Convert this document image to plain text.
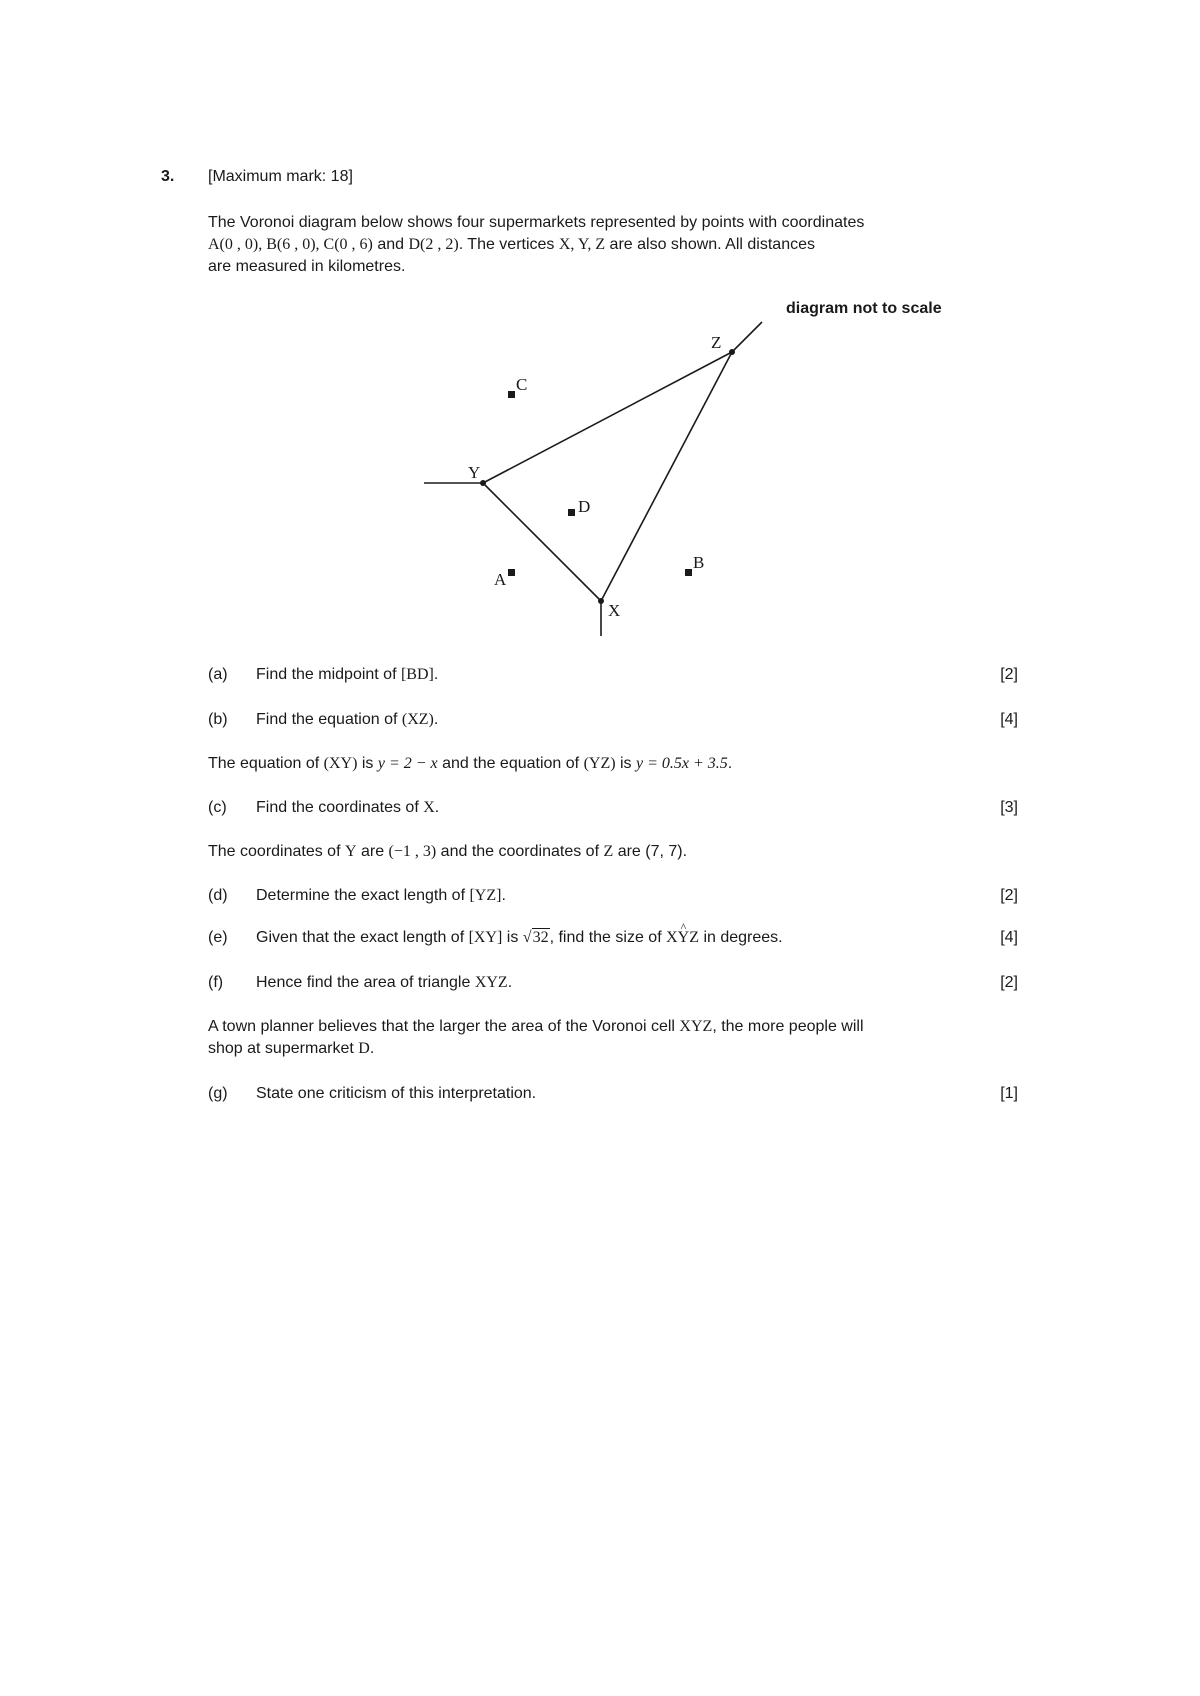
3. [Maximum mark: 18]
The Voronoi diagram below shows four supermarkets represented by points with coordinates
A(0 , 0), B(6 , 0), C(0 , 6) and D(2 , 2). The vertices X, Y, Z are also shown. All distances
are measured in kilometres.
diagram not to scale
A
B
C
D
X
Y
Z
(a)	Find the midpoint of [BD].	[2]
(b)	Find the equation of (XZ).	[4]
The equation of (XY) is y = 2 − x and the equation of (YZ) is y = 0.5x + 3.5.
(c)	Find the coordinates of X.	[3]
The coordinates of Y are (−1 , 3) and the coordinates of Z are (7, 7).
(d)	Determine the exact length of [YZ].	[2]
(e)	Given that the exact length of [XY] is √32, find the size of XY ^Z in degrees.	[4]
(f)	Hence find the area of triangle XYZ.	[2]
A town planner believes that the larger the area of the Voronoi cell XYZ, the more people will
shop at supermarket D.
(g)	State one criticism of this interpretation.	[1]
